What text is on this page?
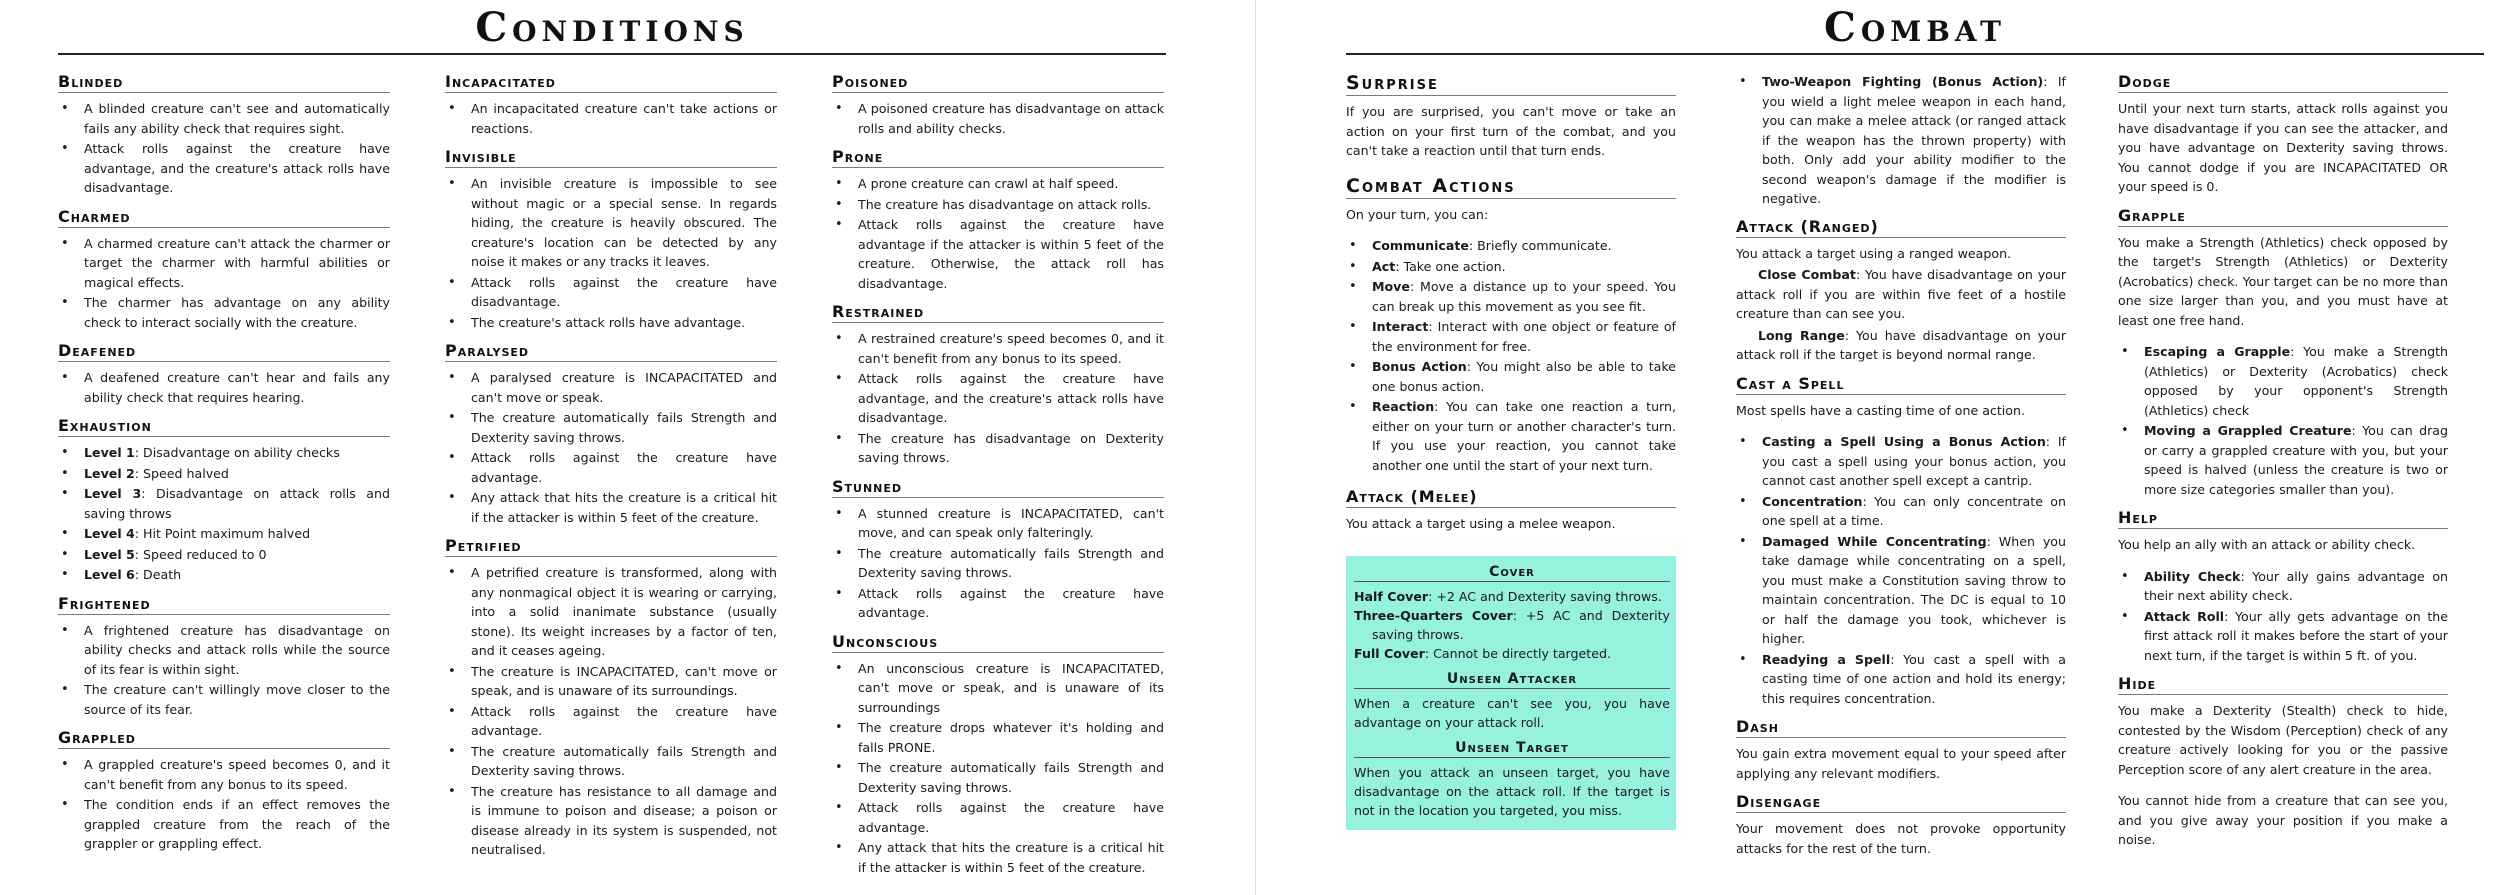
Conditions
Blinded
• A blinded creature can't see and automatically fails any ability check that requires sight.
• Attack rolls against the creature have advantage, and the creature's attack rolls have disadvantage.
Charmed
• A charmed creature can't attack the charmer or target the charmer with harmful abilities or magical effects.
• The charmer has advantage on any ability check to interact socially with the creature.
Deafened
• A deafened creature can't hear and fails any ability check that requires hearing.
Exhaustion
• Level 1: Disadvantage on ability checks
• Level 2: Speed halved
• Level 3: Disadvantage on attack rolls and saving throws
• Level 4: Hit Point maximum halved
• Level 5: Speed reduced to 0
• Level 6: Death
Frightened
• A frightened creature has disadvantage on ability checks and attack rolls while the source of its fear is within sight.
• The creature can't willingly move closer to the source of its fear.
Grappled
• A grappled creature's speed becomes 0, and it can't benefit from any bonus to its speed.
• The condition ends if an effect removes the grappled creature from the reach of the grappler or grappling effect.
Incapacitated
• An incapacitated creature can't take actions or reactions.
Invisible
• An invisible creature is impossible to see without magic or a special sense. In regards hiding, the creature is heavily obscured. The creature's location can be detected by any noise it makes or any tracks it leaves.
• Attack rolls against the creature have disadvantage.
• The creature's attack rolls have advantage.
Paralysed
• A paralysed creature is INCAPACITATED and can't move or speak.
• The creature automatically fails Strength and Dexterity saving throws.
• Attack rolls against the creature have advantage.
• Any attack that hits the creature is a critical hit if the attacker is within 5 feet of the creature.
Petrified
• A petrified creature is transformed, along with any nonmagical object it is wearing or carrying, into a solid inanimate substance (usually stone). Its weight increases by a factor of ten, and it ceases ageing.
• The creature is INCAPACITATED, can't move or speak, and is unaware of its surroundings.
• Attack rolls against the creature have advantage.
• The creature automatically fails Strength and Dexterity saving throws.
• The creature has resistance to all damage and is immune to poison and disease; a poison or disease already in its system is suspended, not neutralised.
Poisoned
• A poisoned creature has disadvantage on attack rolls and ability checks.
Prone
• A prone creature can crawl at half speed.
• The creature has disadvantage on attack rolls.
• Attack rolls against the creature have advantage if the attacker is within 5 feet of the creature. Otherwise, the attack roll has disadvantage.
Restrained
• A restrained creature's speed becomes 0, and it can't benefit from any bonus to its speed.
• Attack rolls against the creature have advantage, and the creature's attack rolls have disadvantage.
• The creature has disadvantage on Dexterity saving throws.
Stunned
• A stunned creature is INCAPACITATED, can't move, and can speak only falteringly.
• The creature automatically fails Strength and Dexterity saving throws.
• Attack rolls against the creature have advantage.
Unconscious
• An unconscious creature is INCAPACITATED, can't move or speak, and is unaware of its surroundings
• The creature drops whatever it's holding and falls PRONE.
• The creature automatically fails Strength and Dexterity saving throws.
• Attack rolls against the creature have advantage.
• Any attack that hits the creature is a critical hit if the attacker is within 5 feet of the creature.
Combat
Surprise

If you are surprised, you can't move or take an action on your first turn of the combat, and you can't take a reaction until that turn ends.

Combat Actions

On your turn, you can:

• Communicate: Briefly communicate.
• Act: Take one action.
• Move: Move a distance up to your speed. You can break up this movement as you see fit.
• Interact: Interact with one object or feature of the environment for free.
• Bonus Action: You might also be able to take one bonus action.
• Reaction: You can take one reaction a turn, either on your turn or another character's turn. If you use your reaction, you cannot take another one until the start of your next turn.
Attack (Melee)

You attack a target using a melee weapon.

Cover
Half Cover: +2 AC and Dexterity saving throws.
Three-Quarters Cover: +5 AC and Dexterity saving throws.
Full Cover: Cannot be directly targeted.
Unseen Attacker
When a creature can't see you, you have advantage on your attack roll.
Unseen Target
When you attack an unseen target, you have disadvantage on the attack roll. If the target is not in the location you targeted, you miss.
• Two-Weapon Fighting (Bonus Action): If you wield a light melee weapon in each hand, you can make a melee attack (or ranged attack if the weapon has the thrown property) with both. Only add your ability modifier to the second weapon's damage if the modifier is negative.
Attack (Ranged)

You attack a target using a ranged weapon.

Close Combat: You have disadvantage on your attack roll if you are within five feet of a hostile creature than can see you.

Long Range: You have disadvantage on your attack roll if the target is beyond normal range.

Cast a Spell

Most spells have a casting time of one action.

• Casting a Spell Using a Bonus Action: If you cast a spell using your bonus action, you cannot cast another spell except a cantrip.
• Concentration: You can only concentrate on one spell at a time.
• Damaged While Concentrating: When you take damage while concentrating on a spell, you must make a Constitution saving throw to maintain concentration. The DC is equal to 10 or half the damage you took, whichever is higher.
• Readying a Spell: You cast a spell with a casting time of one action and hold its energy; this requires concentration.
Dash

You gain extra movement equal to your speed after applying any relevant modifiers.

Disengage

Your movement does not provoke opportunity attacks for the rest of the turn.

Dodge

Until your next turn starts, attack rolls against you have disadvantage if you can see the attacker, and you have advantage on Dexterity saving throws. You cannot dodge if you are INCAPACITATED OR your speed is 0.

Grapple

You make a Strength (Athletics) check opposed by the target's Strength (Athletics) or Dexterity (Acrobatics) check. Your target can be no more than one size larger than you, and you must have at least one free hand.

• Escaping a Grapple: You make a Strength (Athletics) or Dexterity (Acrobatics) check opposed by your opponent's Strength (Athletics) check
• Moving a Grappled Creature: You can drag or carry a grappled creature with you, but your speed is halved (unless the creature is two or more size categories smaller than you).
Help

You help an ally with an attack or ability check.

• Ability Check: Your ally gains advantage on their next ability check.
• Attack Roll: Your ally gets advantage on the first attack roll it makes before the start of your next turn, if the target is within 5 ft. of you.
Hide

You make a Dexterity (Stealth) check to hide, contested by the Wisdom (Perception) check of any creature actively looking for you or the passive Perception score of any alert creature in the area.

You cannot hide from a creature that can see you, and you give away your position if you make a noise.
